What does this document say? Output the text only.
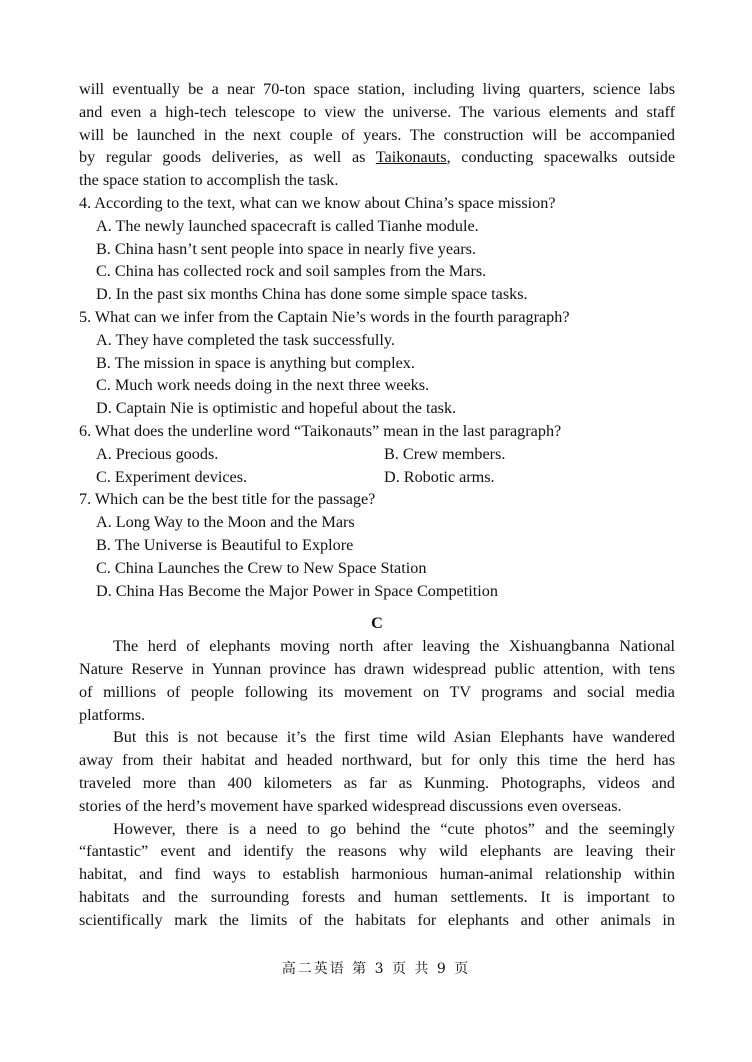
will eventually be a near 70-ton space station, including living quarters, science labs
and even a high-tech telescope to view the universe. The various elements and staff
will be launched in the next couple of years. The construction will be accompanied
by regular goods deliveries, as well as Taikonauts, conducting spacewalks outside
the space station to accomplish the task.
4. According to the text, what can we know about China’s space mission?
A. The newly launched spacecraft is called Tianhe module.
B. China hasn’t sent people into space in nearly five years.
C. China has collected rock and soil samples from the Mars.
D. In the past six months China has done some simple space tasks.
5. What can we infer from the Captain Nie’s words in the fourth paragraph?
A. They have completed the task successfully.
B. The mission in space is anything but complex.
C. Much work needs doing in the next three weeks.
D. Captain Nie is optimistic and hopeful about the task.
6. What does the underline word “Taikonauts” mean in the last paragraph?
A. Precious goods.	B. Crew members.
C. Experiment devices.	D. Robotic arms.
7. Which can be the best title for the passage?
A. Long Way to the Moon and the Mars
B. The Universe is Beautiful to Explore
C. China Launches the Crew to New Space Station
D. China Has Become the Major Power in Space Competition
C
The herd of elephants moving north after leaving the Xishuangbanna National
Nature Reserve in Yunnan province has drawn widespread public attention, with tens
of millions of people following its movement on TV programs and social media
platforms.
But this is not because it’s the first time wild Asian Elephants have wandered
away from their habitat and headed northward, but for only this time the herd has
traveled more than 400 kilometers as far as Kunming. Photographs, videos and
stories of the herd’s movement have sparked widespread discussions even overseas.
However, there is a need to go behind the “cute photos” and the seemingly
“fantastic” event and identify the reasons why wild elephants are leaving their
habitat, and find ways to establish harmonious human-animal relationship within
habitats and the surrounding forests and human settlements. It is important to
scientifically mark the limits of the habitats for elephants and other animals in
高二英语 第 3 页 共 9 页
